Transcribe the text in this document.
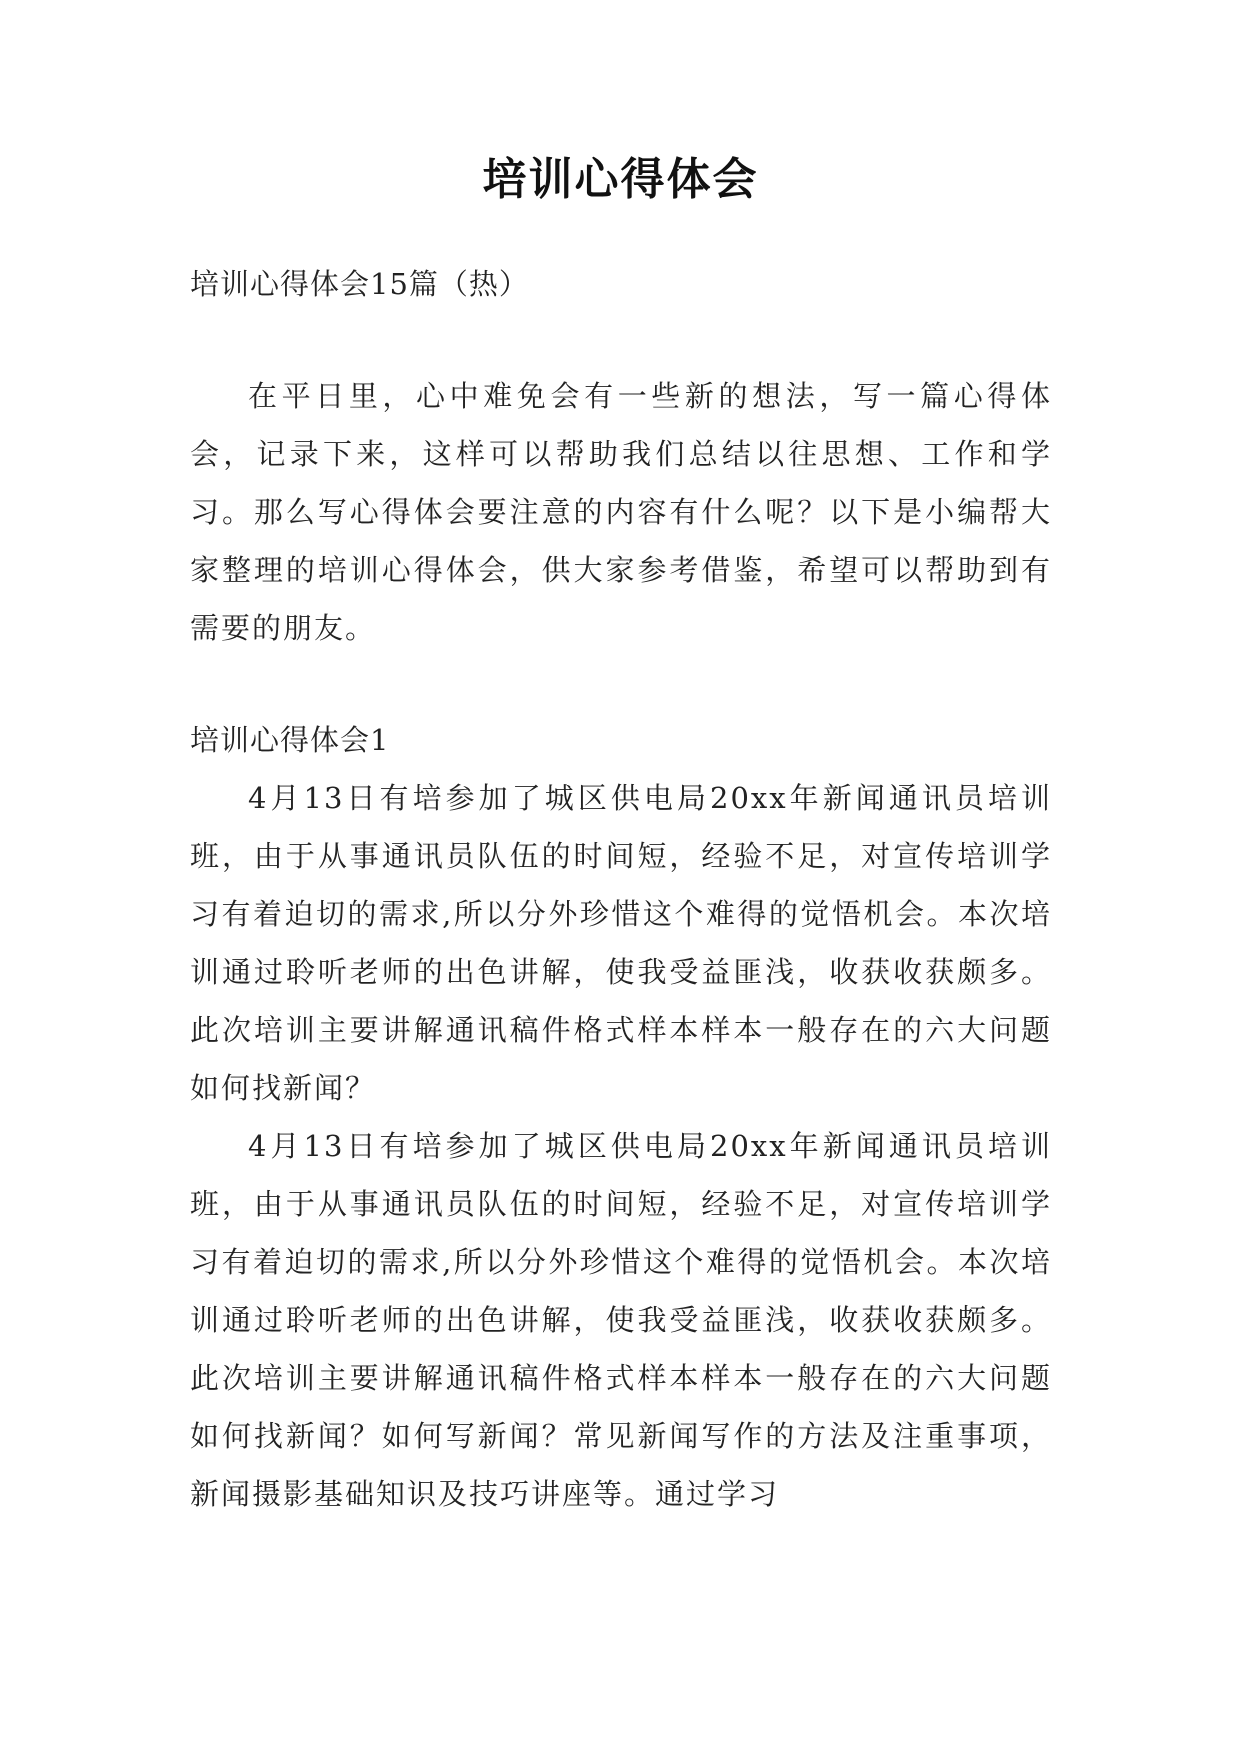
培训心得体会

培训心得体会15篇（热）

在平日里，心中难免会有一些新的想法，写一篇心得体会，记录下来，这样可以帮助我们总结以往思想、工作和学习。那么写心得体会要注意的内容有什么呢？以下是小编帮大家整理的培训心得体会，供大家参考借鉴，希望可以帮助到有需要的朋友。

培训心得体会1

4月13日有培参加了城区供电局20xx年新闻通讯员培训班，由于从事通讯员队伍的时间短，经验不足，对宣传培训学习有着迫切的需求,所以分外珍惜这个难得的觉悟机会。本次培训通过聆听老师的出色讲解，使我受益匪浅，收获收获颇多。此次培训主要讲解通讯稿件格式样本样本一般存在的六大问题如何找新闻？

4月13日有培参加了城区供电局20xx年新闻通讯员培训班，由于从事通讯员队伍的时间短，经验不足，对宣传培训学习有着迫切的需求,所以分外珍惜这个难得的觉悟机会。本次培训通过聆听老师的出色讲解，使我受益匪浅，收获收获颇多。此次培训主要讲解通讯稿件格式样本样本一般存在的六大问题如何找新闻？如何写新闻？常见新闻写作的方法及注重事项，新闻摄影基础知识及技巧讲座等。通过学习
